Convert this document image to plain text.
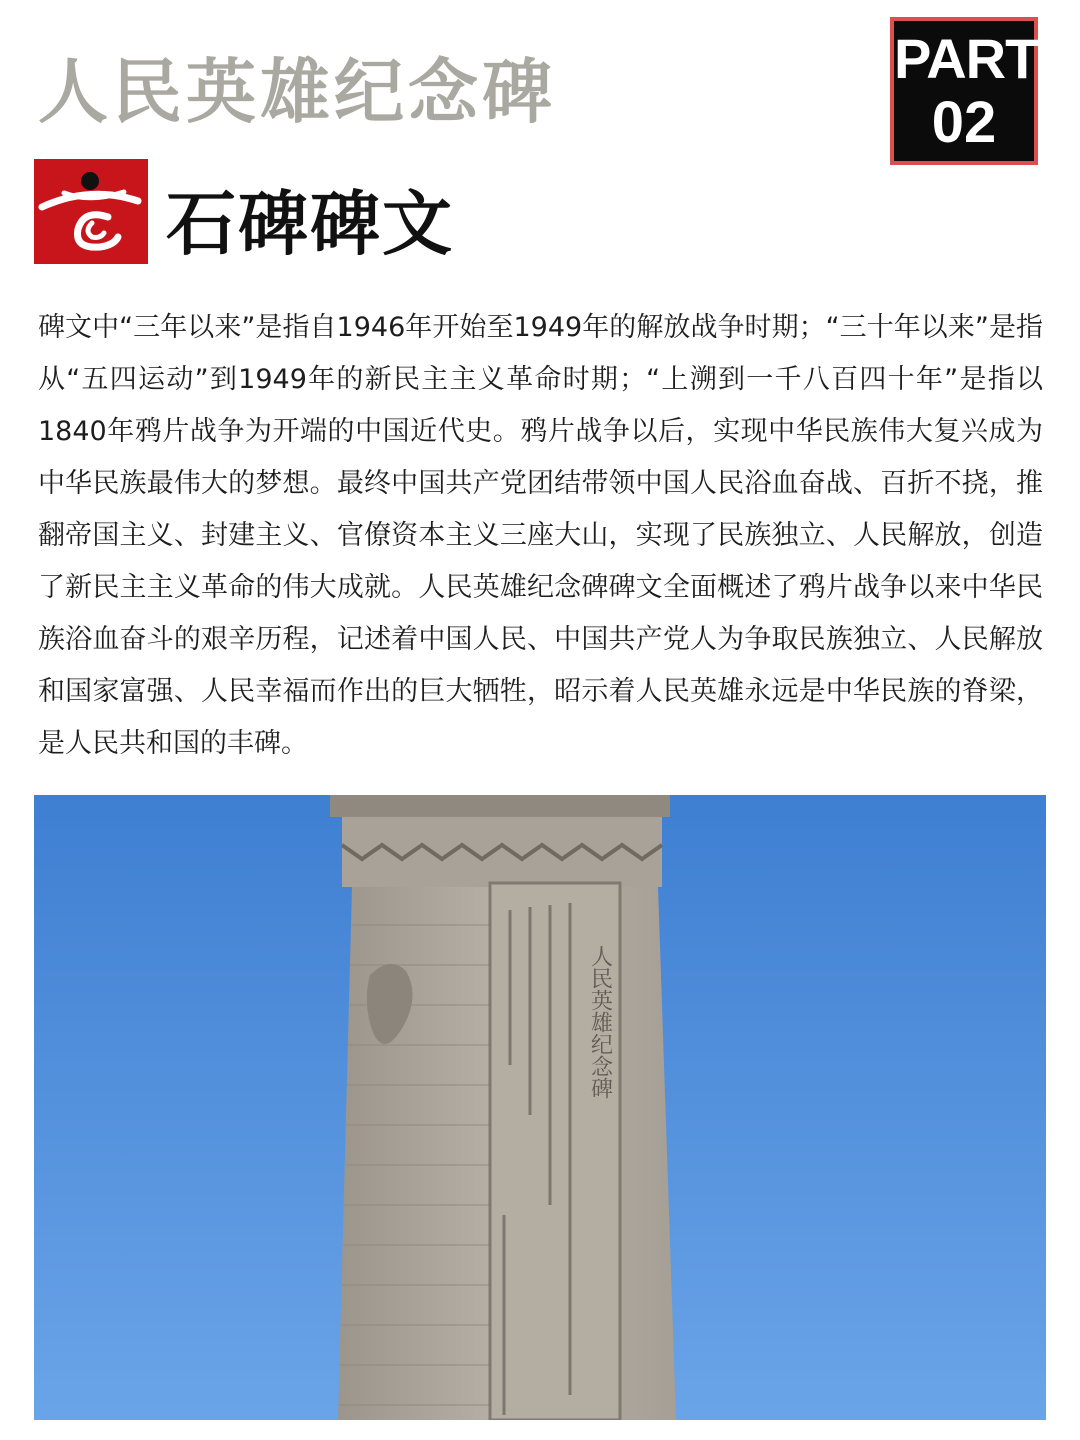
人民英雄纪念碑	PART
02
石碑碑文

碑文中“三年以来”是指自1946年开始至1949年的解放战争时期；“三十年以来”是指从“五四运动”到1949年的新民主主义革命时期；“上溯到一千八百四十年”是指以1840年鸦片战争为开端的中国近代史。鸦片战争以后，实现中华民族伟大复兴成为中华民族最伟大的梦想。最终中国共产党团结带领中国人民浴血奋战、百折不挠，推翻帝国主义、封建主义、官僚资本主义三座大山，实现了民族独立、人民解放，创造了新民主主义革命的伟大成就。人民英雄纪念碑碑文全面概述了鸦片战争以来中华民族浴血奋斗的艰辛历程，记述着中国人民、中国共产党人为争取民族独立、人民解放和国家富强、人民幸福而作出的巨大牺牲，昭示着人民英雄永远是中华民族的脊梁，是人民共和国的丰碑。

人民英雄纪念碑
